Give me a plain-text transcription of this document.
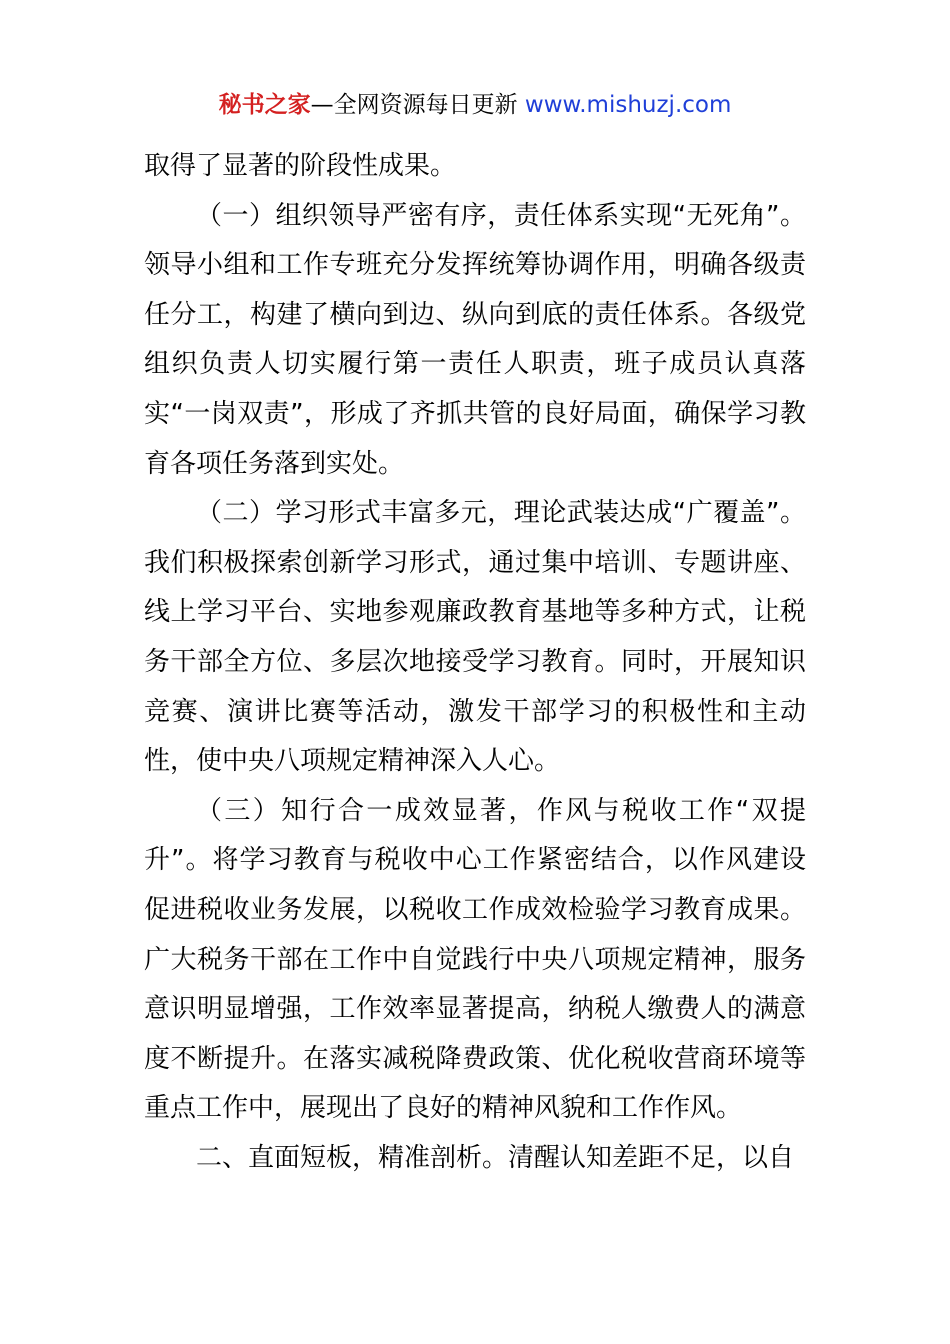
秘书之家—全网资源每日更新 www.mishuzj.com

取得了显著的阶段性成果。

（一）组织领导严密有序，责任体系实现“无死角”。领导小组和工作专班充分发挥统筹协调作用，明确各级责任分工，构建了横向到边、纵向到底的责任体系。各级党组织负责人切实履行第一责任人职责，班子成员认真落实“一岗双责”，形成了齐抓共管的良好局面，确保学习教育各项任务落到实处。

（二）学习形式丰富多元，理论武装达成“广覆盖”。我们积极探索创新学习形式，通过集中培训、专题讲座、线上学习平台、实地参观廉政教育基地等多种方式，让税务干部全方位、多层次地接受学习教育。同时，开展知识竞赛、演讲比赛等活动，激发干部学习的积极性和主动性，使中央八项规定精神深入人心。

（三）知行合一成效显著，作风与税收工作“双提升”。将学习教育与税收中心工作紧密结合，以作风建设促进税收业务发展，以税收工作成效检验学习教育成果。广大税务干部在工作中自觉践行中央八项规定精神，服务意识明显增强，工作效率显著提高，纳税人缴费人的满意度不断提升。在落实减税降费政策、优化税收营商环境等重点工作中，展现出了良好的精神风貌和工作作风。

二、直面短板，精准剖析。清醒认知差距不足，以自
